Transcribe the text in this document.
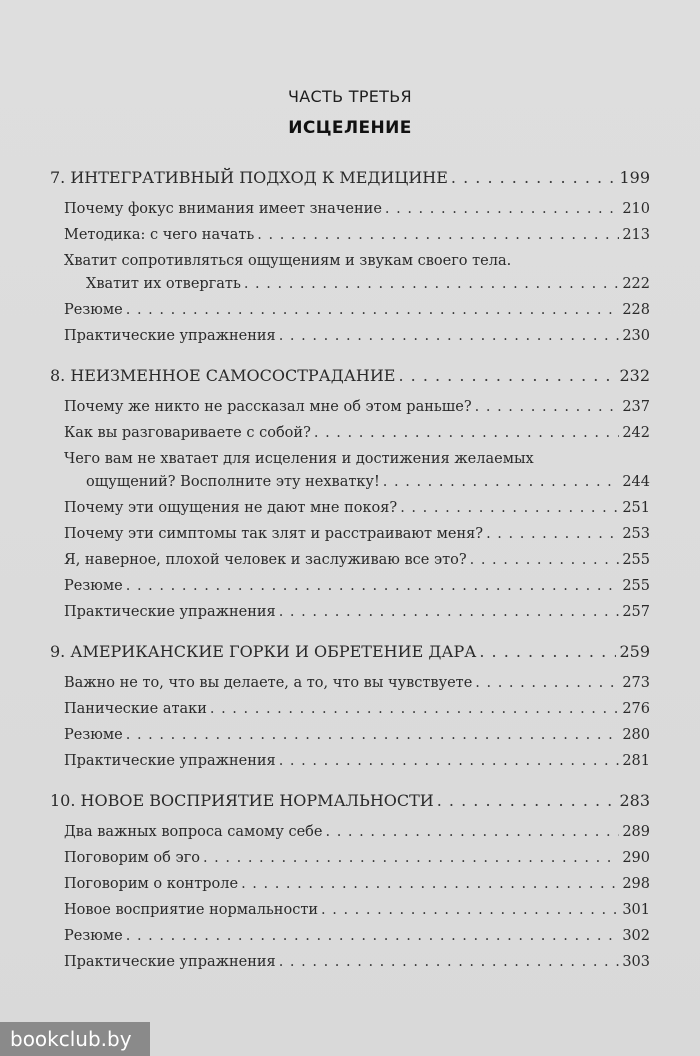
ЧАСТЬ ТРЕТЬЯ
ИСЦЕЛЕНИЕ
7. ИНТЕГРАТИВНЫЙ ПОДХОД К МЕДИЦИНЕ . . .	199
Почему фокус внимания имеет значение . . .	210
Методика: с чего начать . . .	213
Хватит сопротивляться ощущениям и звукам своего тела.
Хватит их отвергать . . .	222
Резюме . . .	228
Практические упражнения . . .	230
8. НЕИЗМЕННОЕ САМОСОСТРАДАНИЕ . . .	232
Почему же никто не рассказал мне об этом раньше? . . .	237
Как вы разговариваете с собой? . . .	242
Чего вам не хватает для исцеления и достижения желаемых
ощущений? Восполните эту нехватку! . . .	244
Почему эти ощущения не дают мне покоя? . . .	251
Почему эти симптомы так злят и расстраивают меня? . . .	253
Я, наверное, плохой человек и заслуживаю все это? . . .	255
Резюме . . .	255
Практические упражнения . . .	257
9. АМЕРИКАНСКИЕ ГОРКИ И ОБРЕТЕНИЕ ДАРА . . .	259
Важно не то, что вы делаете, а то, что вы чувствуете . . .	273
Панические атаки . . .	276
Резюме . . .	280
Практические упражнения . . .	281
10. НОВОЕ ВОСПРИЯТИЕ НОРМАЛЬНОСТИ . . .	283
Два важных вопроса самому себе . . .	289
Поговорим об эго . . .	290
Поговорим о контроле . . .	298
Новое восприятие нормальности . . .	301
Резюме . . .	302
Практические упражнения . . .	303
bookclub.by
